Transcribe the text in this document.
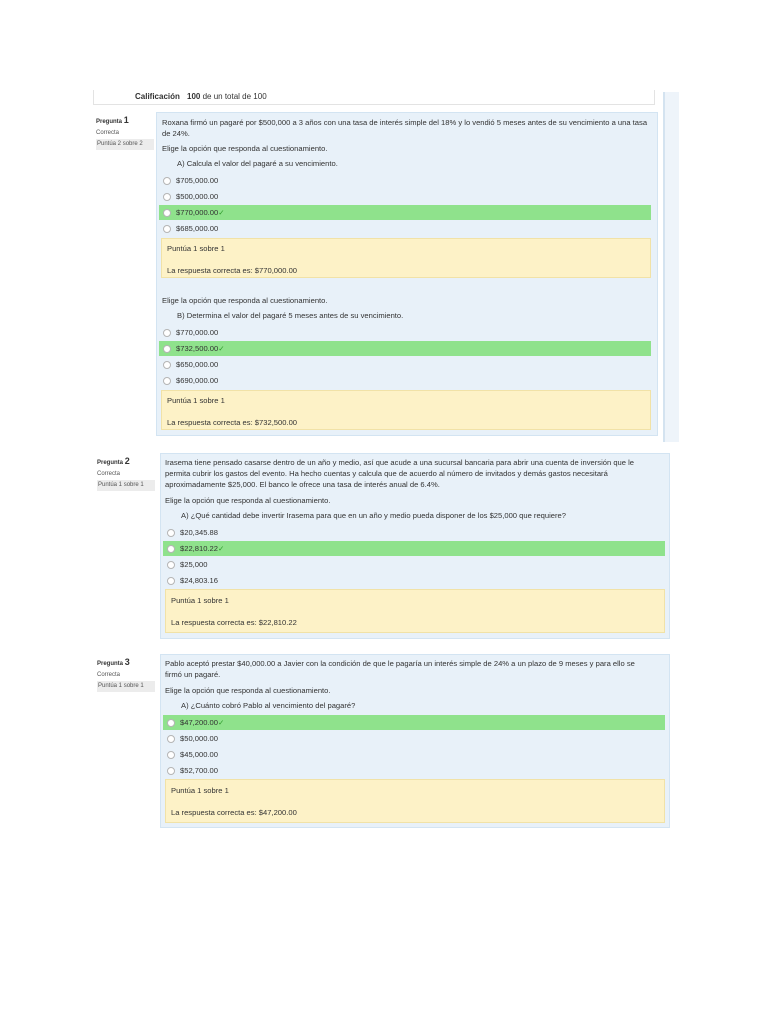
Calificación 100 de un total de 100
Pregunta 1
Correcta
Puntúa 2 sobre 2
Roxana firmó un pagaré por $500,000 a 3 años con una tasa de interés simple del 18% y lo vendió 5 meses antes de su vencimiento a una tasa de 24%.
Elige la opción que responda al cuestionamiento.
A) Calcula el valor del pagaré a su vencimiento.
$705,000.00
$500,000.00
$770,000.00✓
$685,000.00
Puntúa 1 sobre 1
La respuesta correcta es: $770,000.00
Elige la opción que responda al cuestionamiento.
B) Determina el valor del pagaré 5 meses antes de su vencimiento.
$770,000.00
$732,500.00✓
$650,000.00
$690,000.00
Puntúa 1 sobre 1
La respuesta correcta es: $732,500.00
Pregunta 2
Correcta
Puntúa 1 sobre 1
Irasema tiene pensado casarse dentro de un año y medio, así que acude a una sucursal bancaria para abrir una cuenta de inversión que le
permita cubrir los gastos del evento. Ha hecho cuentas y calcula que de acuerdo al número de invitados y demás gastos necesitará
aproximadamente $25,000. El banco le ofrece una tasa de interés anual de 6.4%.
Elige la opción que responda al cuestionamiento.
A) ¿Qué cantidad debe invertir Irasema para que en un año y medio pueda disponer de los $25,000 que requiere?
$20,345.88
$22,810.22✓
$25,000
$24,803.16
Puntúa 1 sobre 1
La respuesta correcta es: $22,810.22
Pregunta 3
Correcta
Puntúa 1 sobre 1
Pablo aceptó prestar $40,000.00 a Javier con la condición de que le pagaría un interés simple de 24% a un plazo de 9 meses y para ello se
firmó un pagaré.
Elige la opción que responda al cuestionamiento.
A) ¿Cuánto cobró Pablo al vencimiento del pagaré?
$47,200.00✓
$50,000.00
$45,000.00
$52,700.00
Puntúa 1 sobre 1
La respuesta correcta es: $47,200.00
